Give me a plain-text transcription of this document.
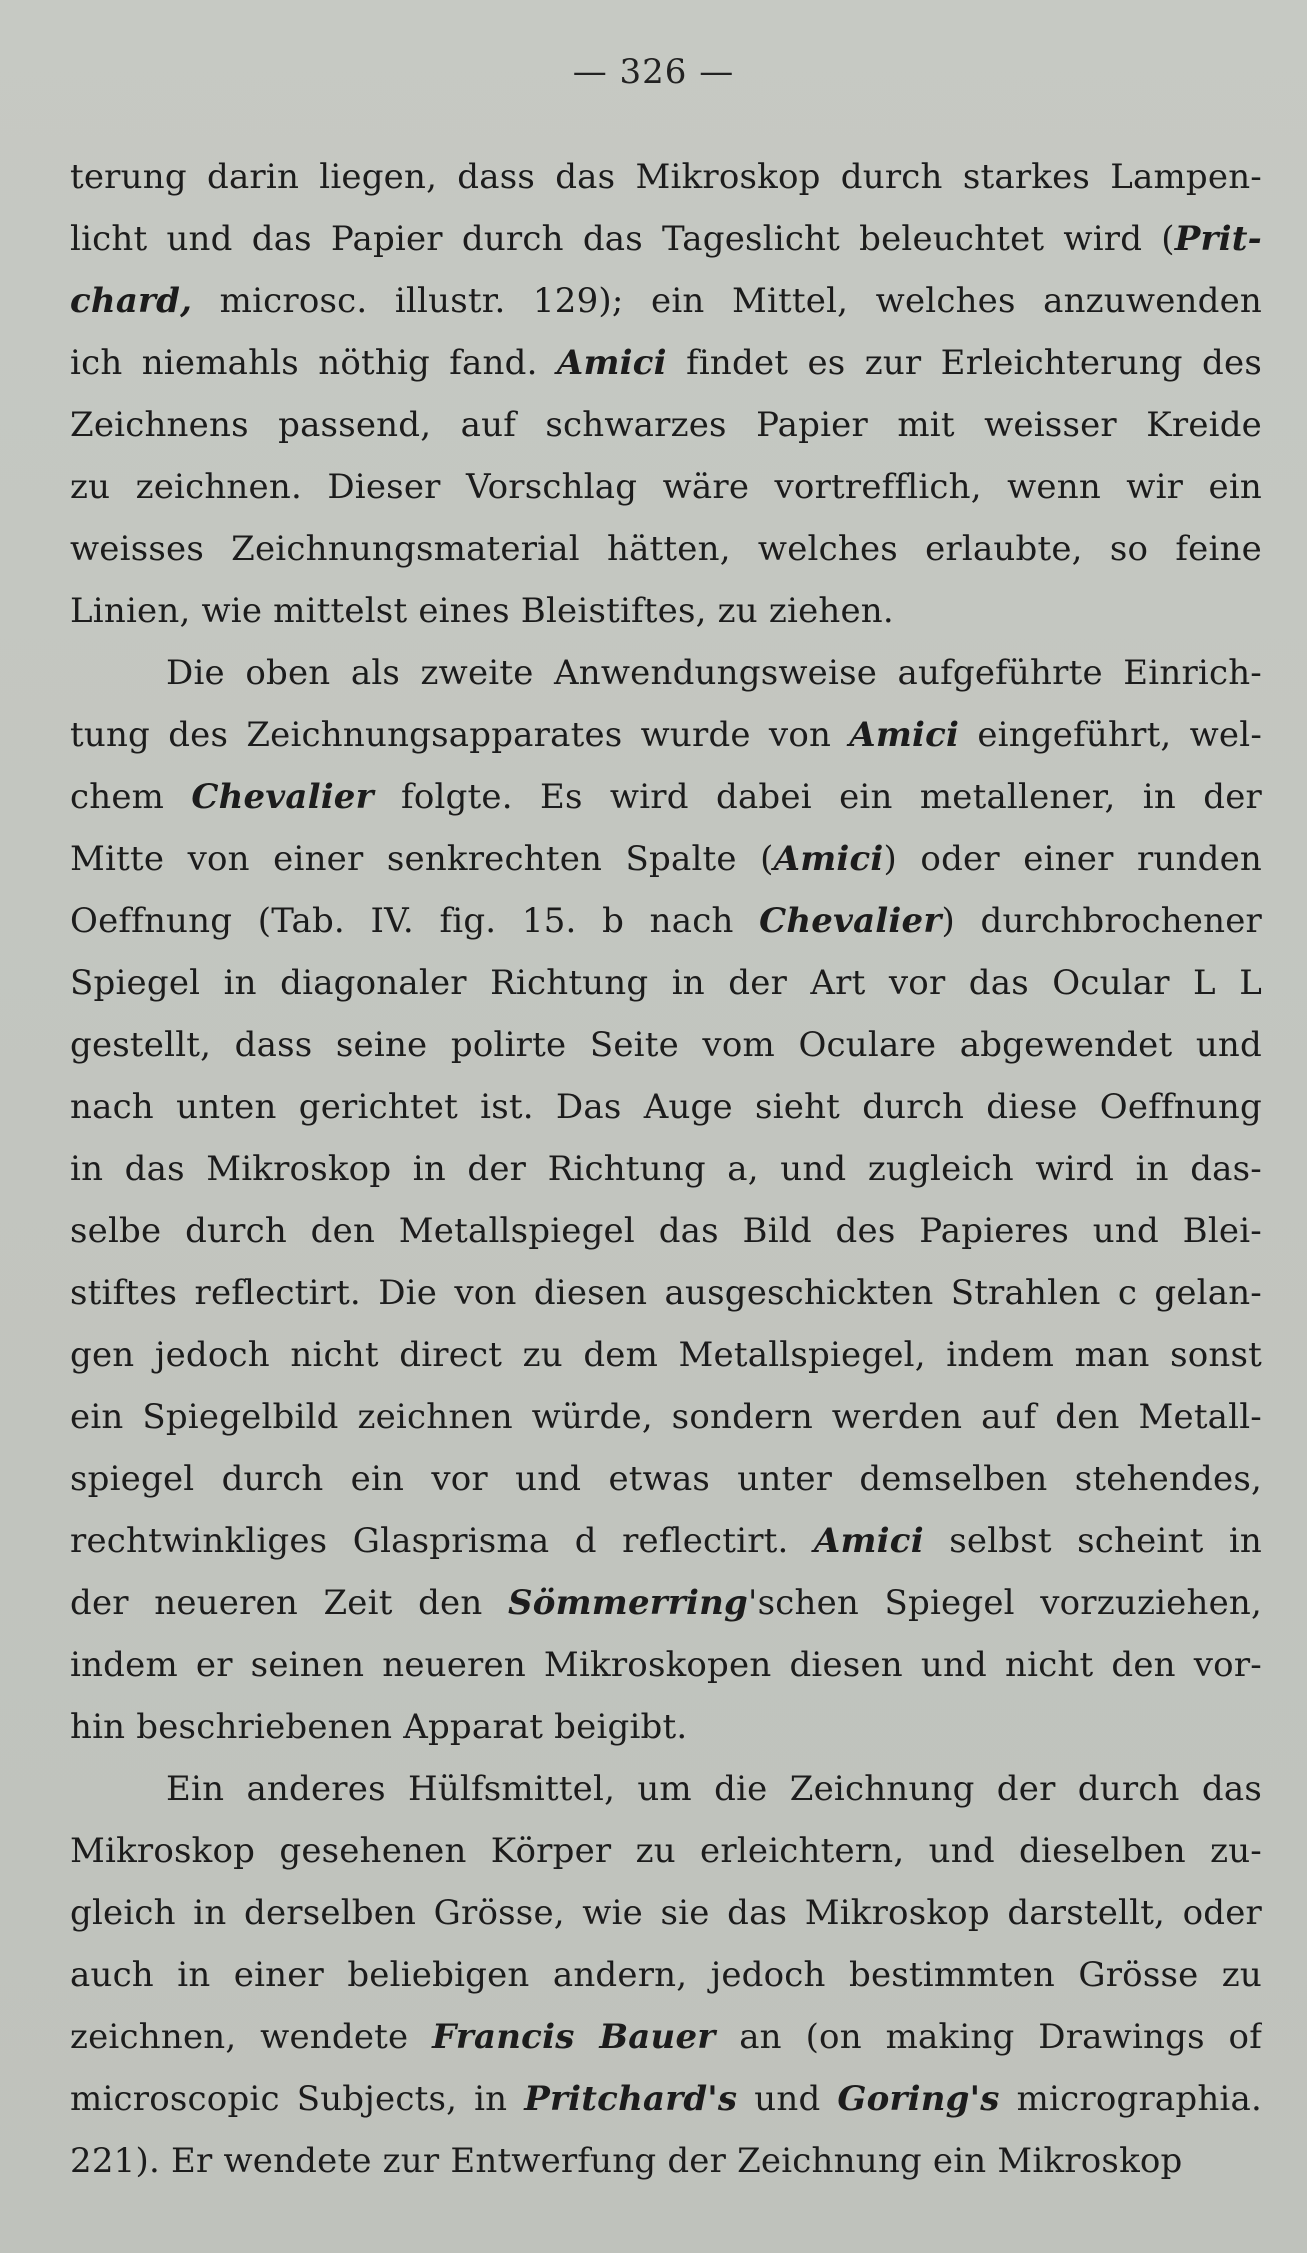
— 326 —
terung darin liegen, dass das Mikroskop durch starkes Lampen-
licht und das Papier durch das Tageslicht beleuchtet wird (Prit-
chard, microsc. illustr. 129); ein Mittel, welches anzuwenden
ich niemahls nöthig fand. Amici findet es zur Erleichterung des
Zeichnens passend, auf schwarzes Papier mit weisser Kreide
zu zeichnen. Dieser Vorschlag wäre vortrefflich, wenn wir ein
weisses Zeichnungsmaterial hätten, welches erlaubte, so feine
Linien, wie mittelst eines Bleistiftes, zu ziehen.
Die oben als zweite Anwendungsweise aufgeführte Einrich-
tung des Zeichnungsapparates wurde von Amici eingeführt, wel-
chem Chevalier folgte. Es wird dabei ein metallener, in der
Mitte von einer senkrechten Spalte (Amici) oder einer runden
Oeffnung (Tab. IV. fig. 15. b nach Chevalier) durchbrochener
Spiegel in diagonaler Richtung in der Art vor das Ocular L L
gestellt, dass seine polirte Seite vom Oculare abgewendet und
nach unten gerichtet ist. Das Auge sieht durch diese Oeffnung
in das Mikroskop in der Richtung a, und zugleich wird in das-
selbe durch den Metallspiegel das Bild des Papieres und Blei-
stiftes reflectirt. Die von diesen ausgeschickten Strahlen c gelan-
gen jedoch nicht direct zu dem Metallspiegel, indem man sonst
ein Spiegelbild zeichnen würde, sondern werden auf den Metall-
spiegel durch ein vor und etwas unter demselben stehendes,
rechtwinkliges Glasprisma d reflectirt. Amici selbst scheint in
der neueren Zeit den Sömmerring'schen Spiegel vorzuziehen,
indem er seinen neueren Mikroskopen diesen und nicht den vor-
hin beschriebenen Apparat beigibt.
Ein anderes Hülfsmittel, um die Zeichnung der durch das
Mikroskop gesehenen Körper zu erleichtern, und dieselben zu-
gleich in derselben Grösse, wie sie das Mikroskop darstellt, oder
auch in einer beliebigen andern, jedoch bestimmten Grösse zu
zeichnen, wendete Francis Bauer an (on making Drawings of
microscopic Subjects, in Pritchard's und Goring's micrographia.
221). Er wendete zur Entwerfung der Zeichnung ein Mikroskop
